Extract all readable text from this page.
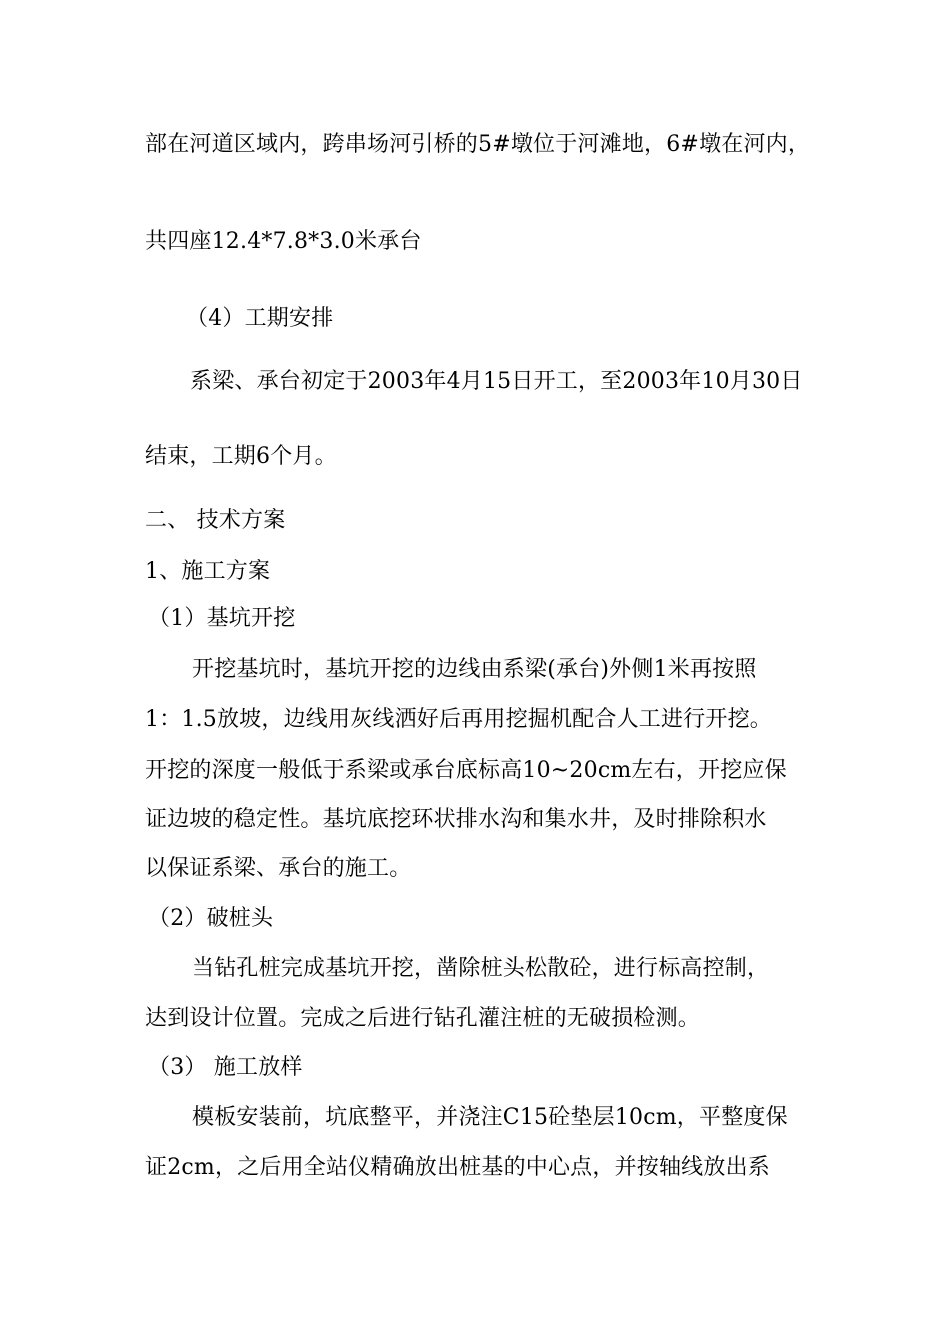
部在河道区域内，跨串场河引桥的5#墩位于河滩地，6#墩在河内，
共四座12.4*7.8*3.0米承台
（4）工期安排
系梁、承台初定于2003年4月15日开工，至2003年10月30日
结束，工期6个月。
二、 技术方案
1、施工方案
（1）基坑开挖
开挖基坑时，基坑开挖的边线由系梁(承台)外侧1米再按照
1：1.5放坡，边线用灰线洒好后再用挖掘机配合人工进行开挖。
开挖的深度一般低于系梁或承台底标高10~20cm左右，开挖应保
证边坡的稳定性。基坑底挖环状排水沟和集水井，及时排除积水
以保证系梁、承台的施工。
（2）破桩头
当钻孔桩完成基坑开挖，凿除桩头松散砼，进行标高控制，
达到设计位置。完成之后进行钻孔灌注桩的无破损检测。
（3） 施工放样
模板安装前，坑底整平，并浇注C15砼垫层10cm，平整度保
证2cm，之后用全站仪精确放出桩基的中心点，并按轴线放出系
